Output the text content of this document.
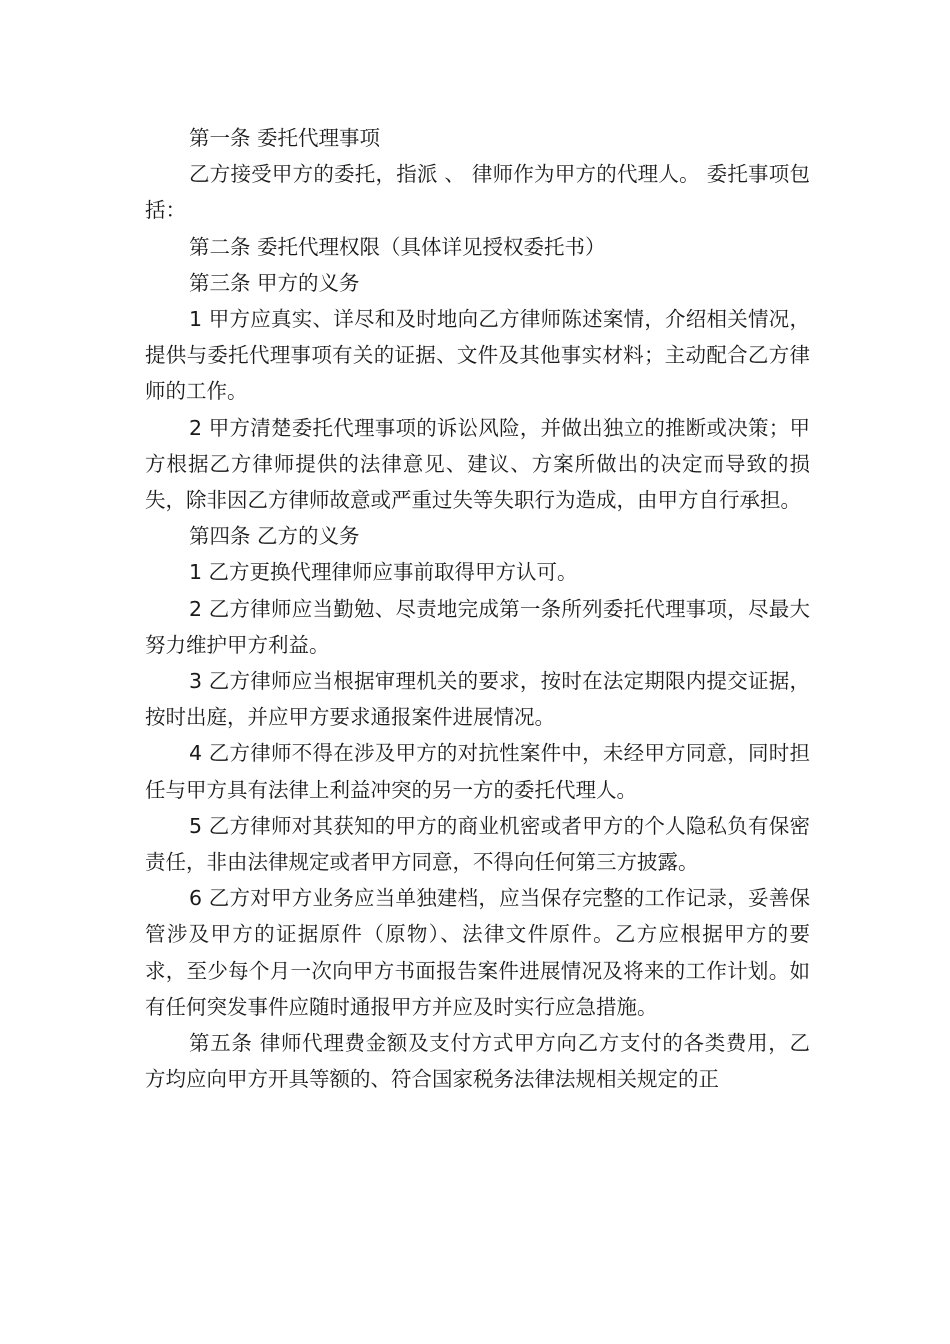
第一条 委托代理事项

乙方接受甲方的委托，指派 、 律师作为甲方的代理人。 委托事项包括：

第二条 委托代理权限（具体详见授权委托书）

第三条 甲方的义务

1 甲方应真实、详尽和及时地向乙方律师陈述案情，介绍相关情况，提供与委托代理事项有关的证据、文件及其他事实材料；主动配合乙方律师的工作。

2 甲方清楚委托代理事项的诉讼风险，并做出独立的推断或决策；甲方根据乙方律师提供的法律意见、建议、方案所做出的决定而导致的损失，除非因乙方律师故意或严重过失等失职行为造成，由甲方自行承担。

第四条 乙方的义务

1 乙方更换代理律师应事前取得甲方认可。

2 乙方律师应当勤勉、尽责地完成第一条所列委托代理事项，尽最大努力维护甲方利益。

3 乙方律师应当根据审理机关的要求，按时在法定期限内提交证据，按时出庭，并应甲方要求通报案件进展情况。

4 乙方律师不得在涉及甲方的对抗性案件中，未经甲方同意，同时担任与甲方具有法律上利益冲突的另一方的委托代理人。

5 乙方律师对其获知的甲方的商业机密或者甲方的个人隐私负有保密责任，非由法律规定或者甲方同意，不得向任何第三方披露。

6 乙方对甲方业务应当单独建档，应当保存完整的工作记录，妥善保管涉及甲方的证据原件（原物）、法律文件原件。乙方应根据甲方的要求，至少每个月一次向甲方书面报告案件进展情况及将来的工作计划。如有任何突发事件应随时通报甲方并应及时实行应急措施。

第五条 律师代理费金额及支付方式甲方向乙方支付的各类费用，乙方均应向甲方开具等额的、符合国家税务法律法规相关规定的正
